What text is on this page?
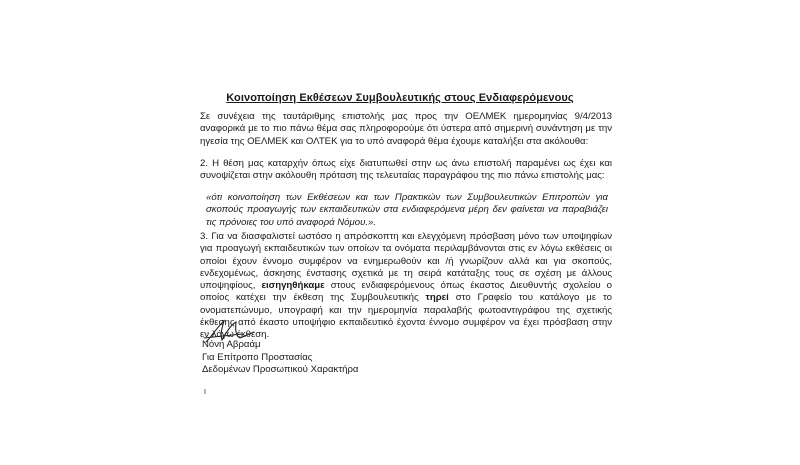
Κοινοποίηση Εκθέσεων Συμβουλευτικής στους Ενδιαφερόμενους

Σε συνέχεια της ταυτάριθμης επιστολής μας προς την ΟΕΛΜΕΚ ημερομηνίας 9/4/2013 αναφορικά με το πιο πάνω θέμα σας πληροφορούμε ότι ύστερα από σημερινή συνάντηση με την ηγεσία της ΟΕΛΜΕΚ και ΟΛΤΕΚ για το υπό αναφορά θέμα έχουμε καταλήξει στα ακόλουθα:

2. Η θέση μας καταρχήν όπως είχε διατυπωθεί στην ως άνω επιστολή παραμένει ως έχει και συνοψίζεται στην ακόλουθη πρόταση της τελευταίας παραγράφου της πιο πάνω επιστολής μας:

«ότι κοινοποίηση των Εκθέσεων και των Πρακτικών των Συμβουλευτικών Επιτροπών για σκοπούς προαγωγής των εκπαιδευτικών στα ενδιαφερόμενα μέρη δεν φαίνεται να παραβιάζει τις πρόνοιες του υπό αναφορά Νόμου.».

3. Για να διασφαλιστεί ωστόσο η απρόσκοπτη και ελεγχόμενη πρόσβαση μόνο των υποψηφίων για προαγωγή εκπαιδευτικών των οποίων τα ονόματα περιλαμβάνονται στις εν λόγω εκθέσεις οι οποίοι έχουν έννομο συμφέρον να ενημερωθούν και /ή γνωρίζουν αλλά και για σκοπούς, ενδεχομένως, άσκησης ένστασης σχετικά με τη σειρά κατάταξης τους σε σχέση με άλλους υποψηφίους, εισηγηθήκαμε στους ενδιαφερόμενους όπως έκαστος Διευθυντής σχολείου ο οποίος κατέχει την έκθεση της Συμβουλευτικής τηρεί στο Γραφείο του κατάλογο με το ονοματεπώνυμο, υπογραφή και την ημερομηνία παραλαβής φωτοαντιγράφου της σχετικής έκθεσης από έκαστο υποψήφιο εκπαιδευτικό έχοντα έννομο συμφέρον να έχει πρόσβαση στην εν λόγω έκθεση.

Νόνη Αβραάμ
Για Επίτροπο Προστασίας
Δεδομένων Προσωπικού Χαρακτήρα
ι
